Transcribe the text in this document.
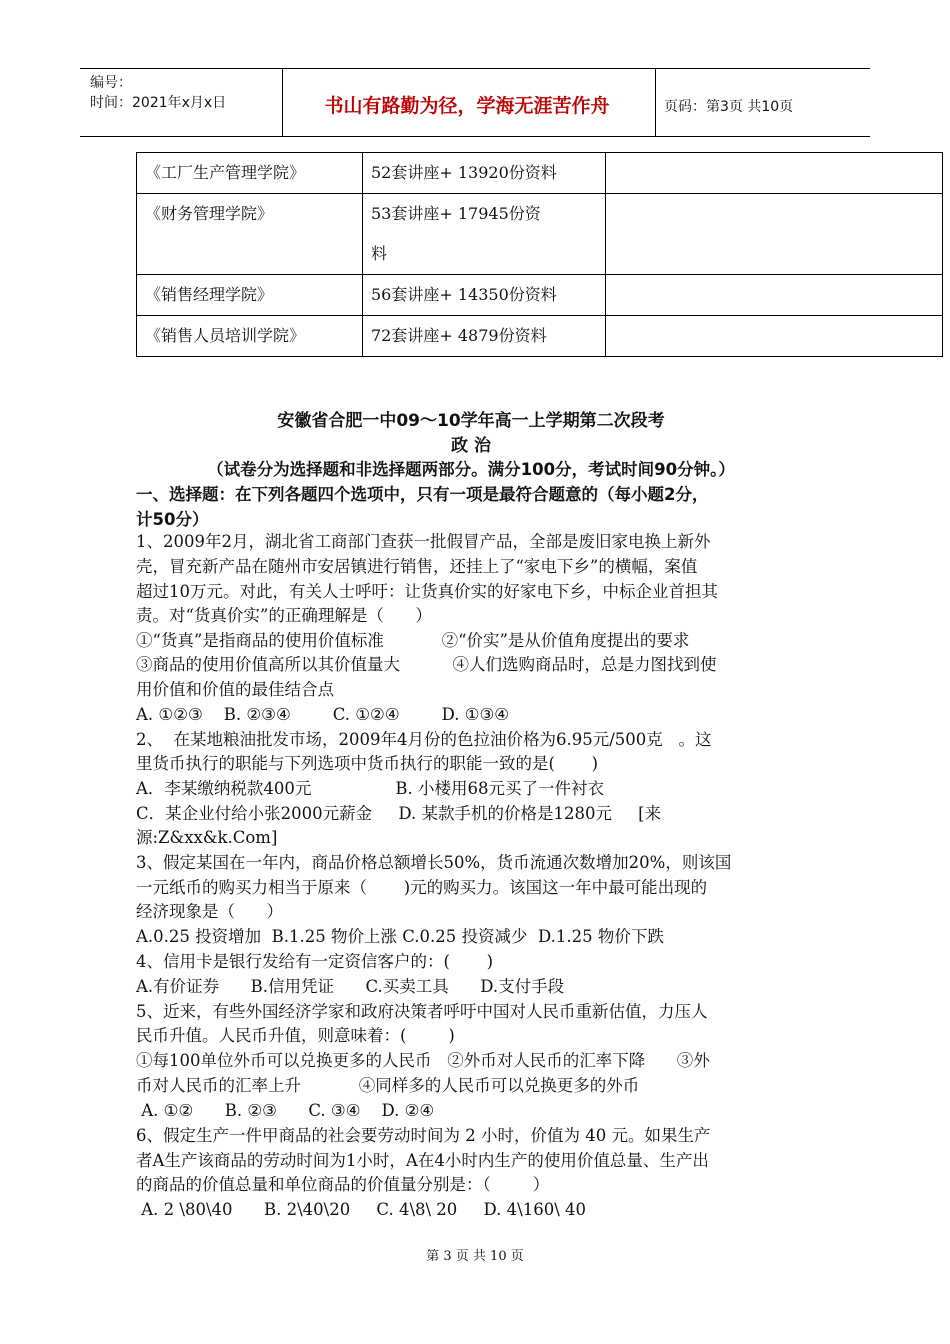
编号：
时间：2021年x月x日	书山有路勤为径，学海无涯苦作舟	页码：第3页 共10页
《工厂生产管理学院》	52套讲座+ 13920份资料	
《财务管理学院》	53套讲座+ 17945份资
料	

《销售经理学院》	56套讲座+ 14350份资料	
《销售人员培训学院》	72套讲座+ 4879份资料	
安徽省合肥一中09～10学年高一上学期第二次段考
政 治
（试卷分为选择题和非选择题两部分。满分100分，考试时间90分钟。）
一、选择题：在下列各题四个选项中，只有一项是最符合题意的（每小题2分，
计50分）
1、2009年2月，湖北省工商部门查获一批假冒产品，全部是废旧家电换上新外
壳，冒充新产品在随州市安居镇进行销售，还挂上了“家电下乡”的横幅，案值
超过10万元。对此，有关人士呼吁：让货真价实的好家电下乡，中标企业首担其
责。对“货真价实”的正确理解是（      ）
①“货真”是指商品的使用价值标准           ②“价实”是从价值角度提出的要求
③商品的使用价值高所以其价值量大          ④人们选购商品时，总是力图找到使
用价值和价值的最佳结合点
A. ①②③    B. ②③④        C. ①②④        D. ①③④
2、  在某地粮油批发市场，2009年4月份的色拉油价格为6.95元/500克   。这
里货币执行的职能与下列选项中货币执行的职能一致的是(       )
A．李某缴纳税款400元                B. 小楼用68元买了一件衬衣
C．某企业付给小张2000元薪金     D. 某款手机的价格是1280元     [来
源:Z&xx&k.Com]
3、假定某国在一年内，商品价格总额增长50%，货币流通次数增加20%，则该国
一元纸币的购买力相当于原来（       )元的购买力。该国这一年中最可能出现的
经济现象是（      ）
A.0.25 投资增加  B.1.25 物价上涨 C.0.25 投资减少  D.1.25 物价下跌
4、信用卡是银行发给有一定资信客户的：(       )
A.有价证券      B.信用凭证      C.买卖工具      D.支付手段
5、近来，有些外国经济学家和政府决策者呼吁中国对人民币重新估值，力压人
民币升值。人民币升值，则意味着：(        )
①每100单位外币可以兑换更多的人民币   ②外币对人民币的汇率下降      ③外
币对人民币的汇率上升           ④同样多的人民币可以兑换更多的外币
A. ①②      B. ②③      C. ③④    D. ②④
6、假定生产一件甲商品的社会要劳动时间为 2 小时，价值为 40 元。如果生产
者A生产该商品的劳动时间为1小时，A在4小时内生产的使用价值总量、生产出
的商品的价值总量和单位商品的价值量分别是：（        ）
A. 2 \80\40      B. 2\40\20     C. 4\8\ 20     D. 4\160\ 40
第 3 页 共 10 页
